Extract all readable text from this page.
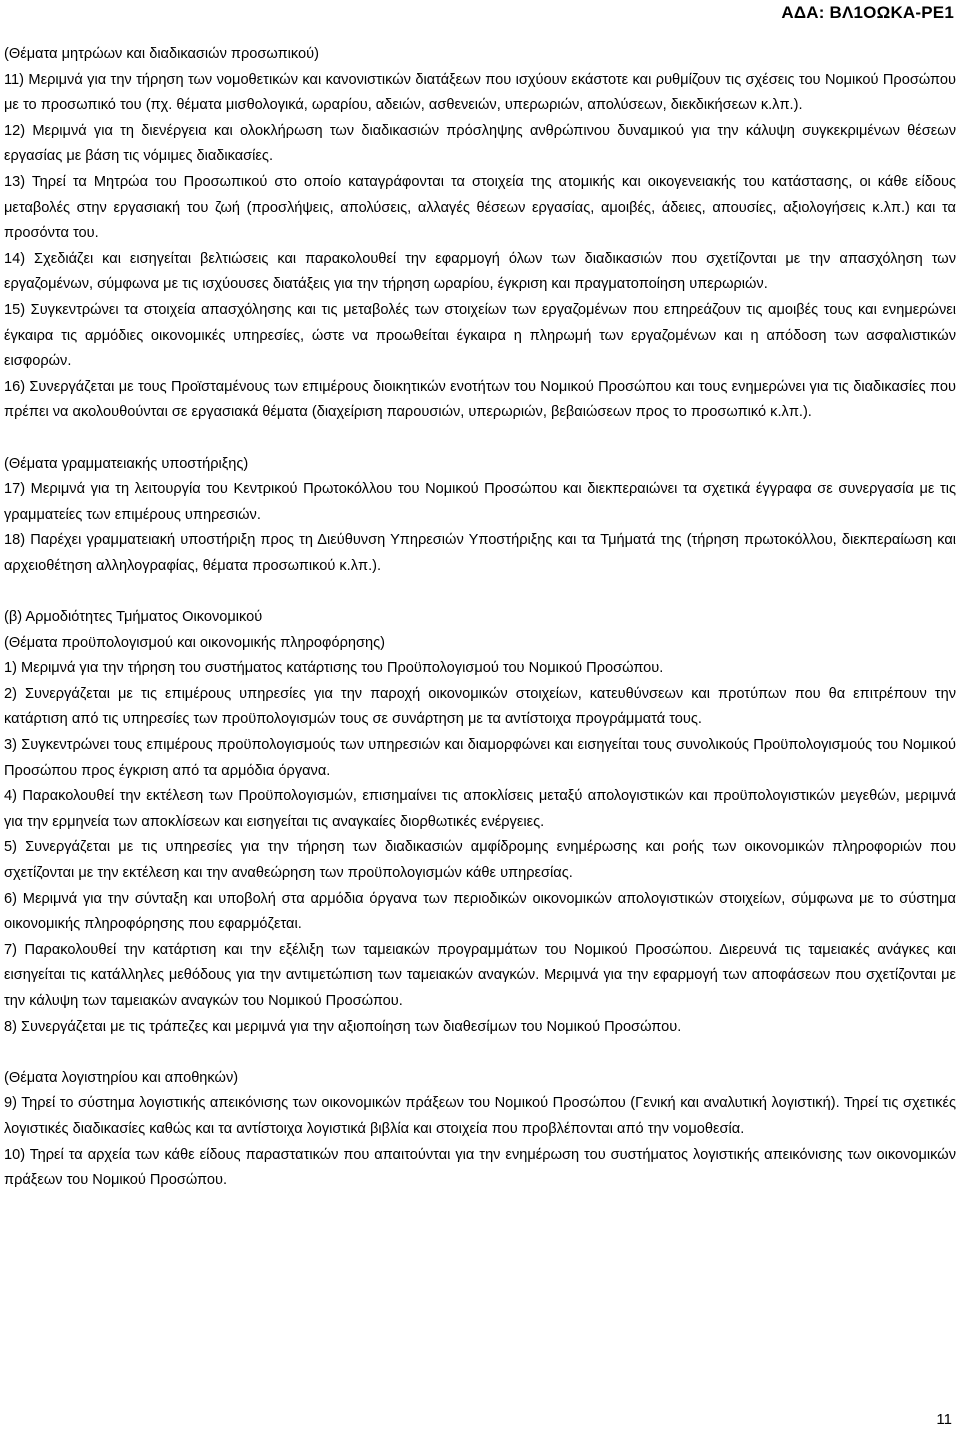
ΑΔΑ: ΒΛ1ΟΩΚΑ-ΡΕ1

(Θέματα μητρώων και διαδικασιών προσωπικού)

11) Μεριμνά για την τήρηση των νομοθετικών και κανονιστικών διατάξεων που ισχύουν εκάστοτε και ρυθμίζουν τις σχέσεις του Νομικού Προσώπου με το προσωπικό του (πχ. θέματα μισθολογικά, ωραρίου, αδειών, ασθενειών, υπερωριών, απολύσεων, διεκδικήσεων κ.λπ.).

12) Μεριμνά για τη διενέργεια και ολοκλήρωση των διαδικασιών πρόσληψης ανθρώπινου δυναμικού για την κάλυψη συγκεκριμένων θέσεων εργασίας με βάση τις νόμιμες διαδικασίες.

13) Τηρεί τα Μητρώα του Προσωπικού στο οποίο καταγράφονται τα στοιχεία της ατομικής και οικογενειακής του κατάστασης, οι κάθε είδους μεταβολές στην εργασιακή του ζωή (προσλήψεις, απολύσεις, αλλαγές θέσεων εργασίας, αμοιβές, άδειες, απουσίες, αξιολογήσεις κ.λπ.) και τα προσόντα του.

14) Σχεδιάζει και εισηγείται βελτιώσεις και παρακολουθεί την εφαρμογή όλων των διαδικασιών που σχετίζονται με την απασχόληση των εργαζομένων, σύμφωνα με τις ισχύουσες διατάξεις για την τήρηση ωραρίου, έγκριση και πραγματοποίηση υπερωριών.

15) Συγκεντρώνει τα στοιχεία απασχόλησης και τις μεταβολές των στοιχείων των εργαζομένων που επηρεάζουν τις αμοιβές τους και ενημερώνει έγκαιρα τις αρμόδιες οικονομικές υπηρεσίες, ώστε να προωθείται έγκαιρα η πληρωμή των εργαζομένων και η απόδοση των ασφαλιστικών εισφορών.

16) Συνεργάζεται με τους Προϊσταμένους των επιμέρους διοικητικών ενοτήτων του Νομικού Προσώπου και τους ενημερώνει για τις διαδικασίες που πρέπει να ακολουθούνται σε εργασιακά θέματα (διαχείριση παρουσιών, υπερωριών, βεβαιώσεων προς το προσωπικό κ.λπ.).

(Θέματα γραμματειακής υποστήριξης)

17) Μεριμνά για τη λειτουργία του Κεντρικού Πρωτοκόλλου του Νομικού Προσώπου και διεκπεραιώνει τα σχετικά έγγραφα σε συνεργασία με τις γραμματείες των επιμέρους υπηρεσιών.

18) Παρέχει γραμματειακή υποστήριξη προς τη Διεύθυνση Υπηρεσιών Υποστήριξης και τα Τμήματά της (τήρηση πρωτοκόλλου, διεκπεραίωση και αρχειοθέτηση αλληλογραφίας, θέματα προσωπικού κ.λπ.).

(β) Αρμοδιότητες Τμήματος Οικονομικού

(Θέματα προϋπολογισμού και οικονομικής πληροφόρησης)

1) Μεριμνά για την τήρηση του συστήματος κατάρτισης του Προϋπολογισμού του Νομικού Προσώπου.

2) Συνεργάζεται με τις επιμέρους υπηρεσίες για την παροχή οικονομικών στοιχείων, κατευθύνσεων και προτύπων που θα επιτρέπουν την κατάρτιση από τις υπηρεσίες των προϋπολογισμών τους σε συνάρτηση με τα αντίστοιχα προγράμματά τους.

3) Συγκεντρώνει τους επιμέρους προϋπολογισμούς των υπηρεσιών και διαμορφώνει και εισηγείται τους συνολικούς Προϋπολογισμούς του Νομικού Προσώπου προς έγκριση από τα αρμόδια όργανα.

4) Παρακολουθεί την εκτέλεση των Προϋπολογισμών, επισημαίνει τις αποκλίσεις μεταξύ απολογιστικών και προϋπολογιστικών μεγεθών, μεριμνά για την ερμηνεία των αποκλίσεων και εισηγείται τις αναγκαίες διορθωτικές ενέργειες.

5) Συνεργάζεται με τις υπηρεσίες για την τήρηση των διαδικασιών αμφίδρομης ενημέρωσης και ροής των οικονομικών πληροφοριών που σχετίζονται με την εκτέλεση και την αναθεώρηση των προϋπολογισμών κάθε υπηρεσίας.

6) Μεριμνά για την σύνταξη και υποβολή στα αρμόδια όργανα των περιοδικών οικονομικών απολογιστικών στοιχείων, σύμφωνα με το σύστημα οικονομικής πληροφόρησης που εφαρμόζεται.

7) Παρακολουθεί την κατάρτιση και την εξέλιξη των ταμειακών προγραμμάτων του Νομικού Προσώπου. Διερευνά τις ταμειακές ανάγκες και εισηγείται τις κατάλληλες μεθόδους για την αντιμετώπιση των ταμειακών αναγκών. Μεριμνά για την εφαρμογή των αποφάσεων που σχετίζονται με την κάλυψη των ταμειακών αναγκών του Νομικού Προσώπου.

8) Συνεργάζεται με τις τράπεζες και μεριμνά για την αξιοποίηση των διαθεσίμων του Νομικού Προσώπου.

(Θέματα λογιστηρίου και αποθηκών)

9) Τηρεί το σύστημα λογιστικής απεικόνισης των οικονομικών πράξεων του Νομικού Προσώπου (Γενική και αναλυτική λογιστική). Τηρεί τις σχετικές λογιστικές διαδικασίες καθώς και τα αντίστοιχα λογιστικά βιβλία και στοιχεία που προβλέπονται από την νομοθεσία.

10) Τηρεί τα αρχεία των κάθε είδους παραστατικών που απαιτούνται για την ενημέρωση του συστήματος λογιστικής απεικόνισης των οικονομικών πράξεων του Νομικού Προσώπου.

11
